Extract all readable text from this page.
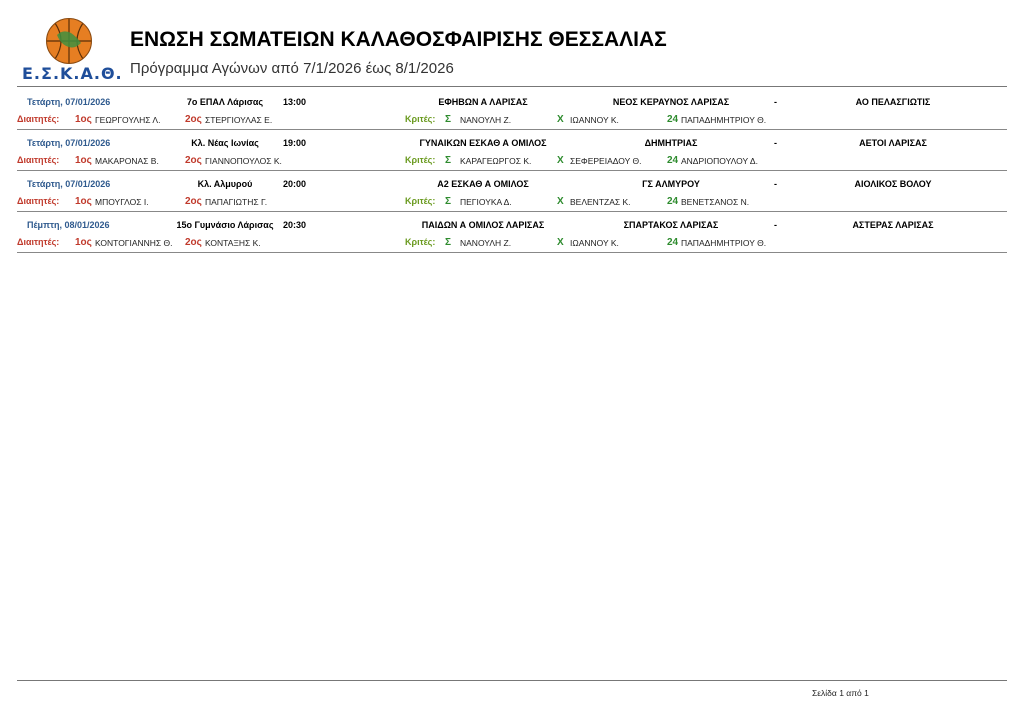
Ε.Σ.Κ.Α.Θ.
ΕΝΩΣΗ ΣΩΜΑΤΕΙΩΝ ΚΑΛΑΘΟΣΦΑΙΡΙΣΗΣ ΘΕΣΣΑΛΙΑΣ
Πρόγραμμα Αγώνων από 7/1/2026 έως 8/1/2026
Τετάρτη, 07/01/2026	7ο ΕΠΑΛ Λάρισας	13:00	ΕΦΗΒΩΝ Α ΛΑΡΙΣΑΣ	ΝΕΟΣ ΚΕΡΑΥΝΟΣ ΛΑΡΙΣΑΣ	-	ΑΟ ΠΕΛΑΣΓΙΩΤΙΣ
Διαιτητές: 1ος ΓΕΩΡΓΟΥΛΗΣ Λ. 2ος ΣΤΕΡΓΙΟΥΛΑΣ Ε.	Κριτές: Σ ΝΑΝΟΥΛΗ Ζ.	Χ ΙΩΑΝΝΟΥ Κ.	24 ΠΑΠΑΔΗΜΗΤΡΙΟΥ Θ.
Τετάρτη, 07/01/2026	Κλ. Νέας Ιωνίας	19:00	ΓΥΝΑΙΚΩΝ ΕΣΚΑΘ Α ΟΜΙΛΟΣ	ΔΗΜΗΤΡΙΑΣ	-	ΑΕΤΟΙ ΛΑΡΙΣΑΣ
Διαιτητές: 1ος ΜΑΚΑΡΟΝΑΣ Β.	2ος ΓΙΑΝΝΟΠΟΥΛΟΣ Κ.	Κριτές: Σ ΚΑΡΑΓΕΩΡΓΟΣ Κ.	Χ ΣΕΦΕΡΕΙΑΔΟΥ Θ.	24 ΑΝΔΡΙΟΠΟΥΛΟΥ Δ.
Τετάρτη, 07/01/2026	Κλ. Αλμυρού	20:00	Α2 ΕΣΚΑΘ Α ΟΜΙΛΟΣ	ΓΣ ΑΛΜΥΡΟΥ	-	ΑΙΟΛΙΚΟΣ ΒΟΛΟΥ
Διαιτητές: 1ος ΜΠΟΥΓΛΟΣ Ι.	2ος ΠΑΠΑΓΙΩΤΗΣ Γ.	Κριτές: Σ ΠΕΓΙΟΥΚΑ Δ.	Χ ΒΕΛΕΝΤΖΑΣ Κ.	24 ΒΕΝΕΤΣΑΝΟΣ Ν.
Πέμπτη, 08/01/2026	15ο Γυμνάσιο Λάρισας	20:30	ΠΑΙΔΩΝ Α ΟΜΙΛΟΣ ΛΑΡΙΣΑΣ	ΣΠΑΡΤΑΚΟΣ ΛΑΡΙΣΑΣ	-	ΑΣΤΕΡΑΣ ΛΑΡΙΣΑΣ
Διαιτητές: 1ος ΚΟΝΤΟΓΙΑΝΝΗΣ Θ. 2ος ΚΟΝΤΑΞΗΣ Κ.	Κριτές: Σ ΝΑΝΟΥΛΗ Ζ.	Χ ΙΩΑΝΝΟΥ Κ.	24 ΠΑΠΑΔΗΜΗΤΡΙΟΥ Θ.
Σελίδα 1 από 1
